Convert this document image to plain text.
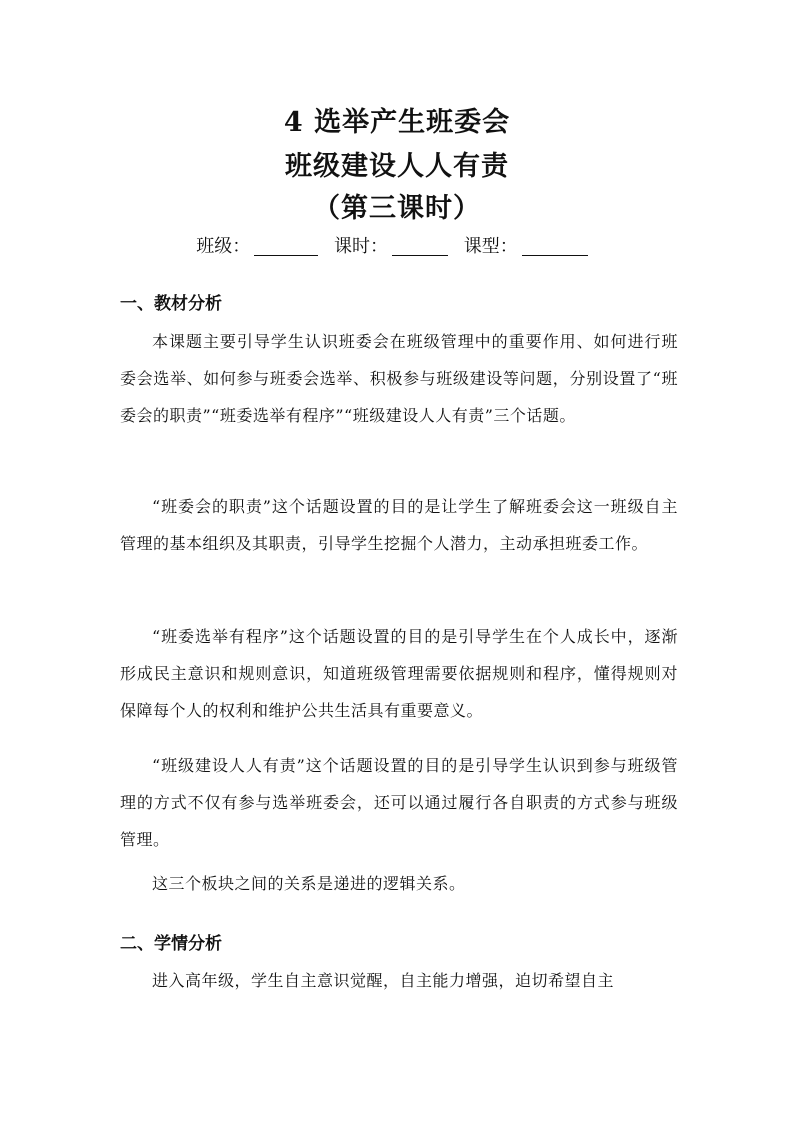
4 选举产生班委会
班级建设人人有责
（第三课时）
班级：	课时：	课型：
一、教材分析
本课题主要引导学生认识班委会在班级管理中的重要作用、如何进行班委会选举、如何参与班委会选举、积极参与班级建设等问题，分别设置了“班委会的职责”“班委选举有程序”“班级建设人人有责”三个话题。
“班委会的职责”这个话题设置的目的是让学生了解班委会这一班级自主管理的基本组织及其职责，引导学生挖掘个人潜力，主动承担班委工作。
“班委选举有程序”这个话题设置的目的是引导学生在个人成长中，逐渐形成民主意识和规则意识，知道班级管理需要依据规则和程序，懂得规则对保障每个人的权利和维护公共生活具有重要意义。
“班级建设人人有责”这个话题设置的目的是引导学生认识到参与班级管理的方式不仅有参与选举班委会，还可以通过履行各自职责的方式参与班级管理。
这三个板块之间的关系是递进的逻辑关系。
二、学情分析
进入高年级，学生自主意识觉醒，自主能力增强，迫切希望自主
